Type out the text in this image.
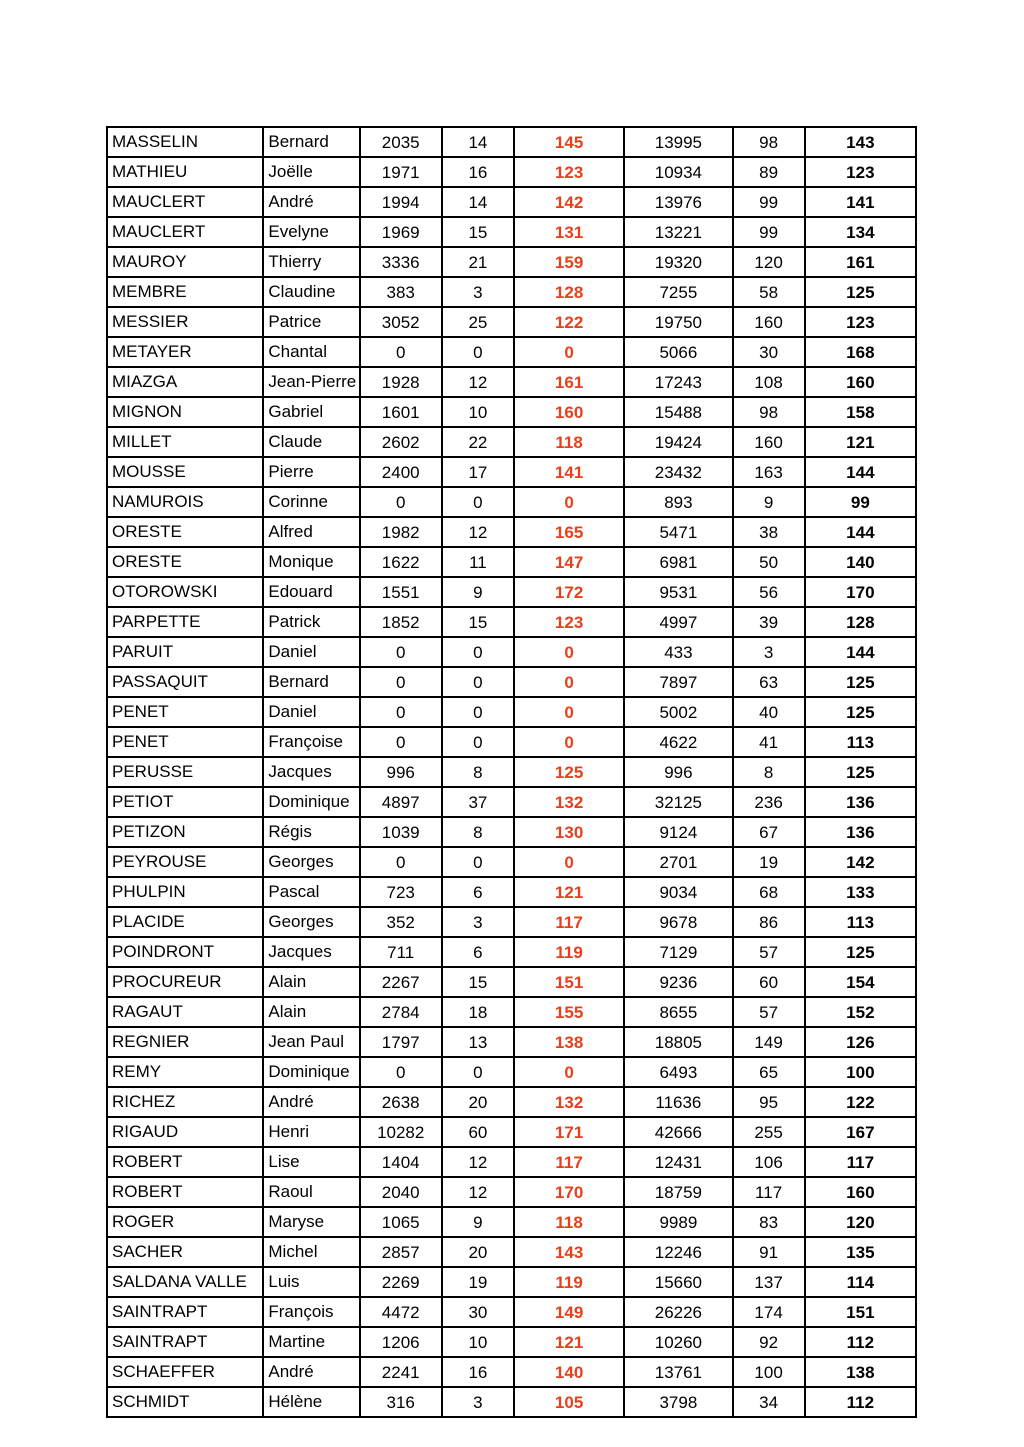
MASSELIN	Bernard	2035	14	145	13995	98	143
MATHIEU	Joëlle	1971	16	123	10934	89	123
MAUCLERT	André	1994	14	142	13976	99	141
MAUCLERT	Evelyne	1969	15	131	13221	99	134
MAUROY	Thierry	3336	21	159	19320	120	161
MEMBRE	Claudine	383	3	128	7255	58	125
MESSIER	Patrice	3052	25	122	19750	160	123
METAYER	Chantal	0	0	0	5066	30	168
MIAZGA	Jean-Pierre	1928	12	161	17243	108	160
MIGNON	Gabriel	1601	10	160	15488	98	158
MILLET	Claude	2602	22	118	19424	160	121
MOUSSE	Pierre	2400	17	141	23432	163	144
NAMUROIS	Corinne	0	0	0	893	9	99
ORESTE	Alfred	1982	12	165	5471	38	144
ORESTE	Monique	1622	11	147	6981	50	140
OTOROWSKI	Edouard	1551	9	172	9531	56	170
PARPETTE	Patrick	1852	15	123	4997	39	128
PARUIT	Daniel	0	0	0	433	3	144
PASSAQUIT	Bernard	0	0	0	7897	63	125
PENET	Daniel	0	0	0	5002	40	125
PENET	Françoise	0	0	0	4622	41	113
PERUSSE	Jacques	996	8	125	996	8	125
PETIOT	Dominique	4897	37	132	32125	236	136
PETIZON	Régis	1039	8	130	9124	67	136
PEYROUSE	Georges	0	0	0	2701	19	142
PHULPIN	Pascal	723	6	121	9034	68	133
PLACIDE	Georges	352	3	117	9678	86	113
POINDRONT	Jacques	711	6	119	7129	57	125
PROCUREUR	Alain	2267	15	151	9236	60	154
RAGAUT	Alain	2784	18	155	8655	57	152
REGNIER	Jean Paul	1797	13	138	18805	149	126
REMY	Dominique	0	0	0	6493	65	100
RICHEZ	André	2638	20	132	11636	95	122
RIGAUD	Henri	10282	60	171	42666	255	167
ROBERT	Lise	1404	12	117	12431	106	117
ROBERT	Raoul	2040	12	170	18759	117	160
ROGER	Maryse	1065	9	118	9989	83	120
SACHER	Michel	2857	20	143	12246	91	135
SALDANA VALLE	Luis	2269	19	119	15660	137	114
SAINTRAPT	François	4472	30	149	26226	174	151
SAINTRAPT	Martine	1206	10	121	10260	92	112
SCHAEFFER	André	2241	16	140	13761	100	138
SCHMIDT	Hélène	316	3	105	3798	34	112
